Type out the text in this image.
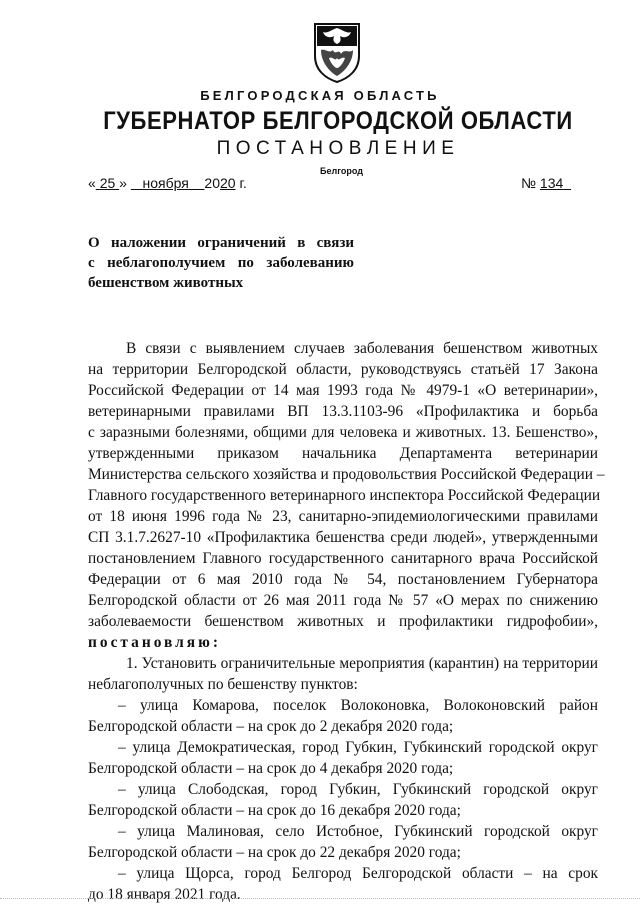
БЕЛГОРОДСКАЯ ОБЛАСТЬ
ГУБЕРНАТОР БЕЛГОРОДСКОЙ ОБЛАСТИ
ПОСТАНОВЛЕНИЕ
Белгород
« 25 » ноября 2020 г.	№ 134
О наложении ограничений в связи
с неблагополучием по заболеванию
бешенством животных
В связи с выявлением случаев заболевания бешенством животных
на территории Белгородской области, руководствуясь статьёй 17 Закона
Российской Федерации от 14 мая 1993 года № 4979-1 «О ветеринарии»,
ветеринарными правилами ВП 13.3.1103-96 «Профилактика и борьба
с заразными болезнями, общими для человека и животных. 13. Бешенство»,
утвержденными приказом начальника Департамента ветеринарии
Министерства сельского хозяйства и продовольствия Российской Федерации –
Главного государственного ветеринарного инспектора Российской Федерации
от 18 июня 1996 года № 23, санитарно-эпидемиологическими правилами
СП 3.1.7.2627-10 «Профилактика бешенства среди людей», утвержденными
постановлением Главного государственного санитарного врача Российской
Федерации от 6 мая 2010 года № 54, постановлением Губернатора
Белгородской области от 26 мая 2011 года № 57 «О мерах по снижению
заболеваемости бешенством животных и профилактики гидрофобии»,
постановляю:
1. Установить ограничительные мероприятия (карантин) на территории
неблагополучных по бешенству пунктов:
– улица Комарова, поселок Волоконовка, Волоконовский район
Белгородской области – на срок до 2 декабря 2020 года;
– улица Демократическая, город Губкин, Губкинский городской округ
Белгородской области – на срок до 4 декабря 2020 года;
– улица Слободская, город Губкин, Губкинский городской округ
Белгородской области – на срок до 16 декабря 2020 года;
– улица Малиновая, село Истобное, Губкинский городской округ
Белгородской области – на срок до 22 декабря 2020 года;
– улица Щорса, город Белгород Белгородской области – на срок
до 18 января 2021 года.
